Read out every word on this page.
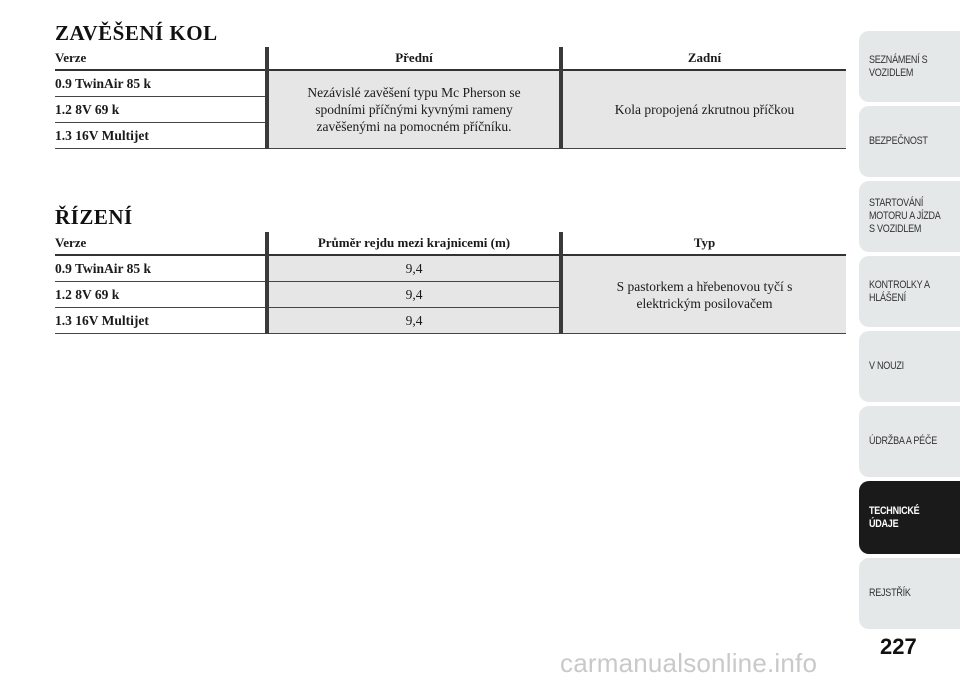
ZAVĚŠENÍ KOL
Verze	Přední	Zadní
0.9 TwinAir 85 k	Nezávislé zavěšení typu Mc Pherson se spodními příčnými kyvnými rameny zavěšenými na pomocném příčníku.	Kola propojená zkrutnou příčkou
1.2 8V 69 k		
1.3 16V Multijet		
ŘÍZENÍ
Verze	Průměr rejdu mezi krajnicemi (m)	Typ
0.9 TwinAir 85 k	9,4	S pastorkem a hřebenovou tyčí s elektrickým posilovačem
1.2 8V 69 k	9,4	
1.3 16V Multijet	9,4	
SEZNÁMENÍ S
VOZIDLEM
BEZPEČNOST
STARTOVÁNÍ
MOTORU A JÍZDA
S VOZIDLEM
KONTROLKY A
HLÁŠENÍ
V NOUZI
ÚDRŽBA A PÉČE
TECHNICKÉ
ÚDAJE
REJSTŘÍK
227
carmanualsonline.info
